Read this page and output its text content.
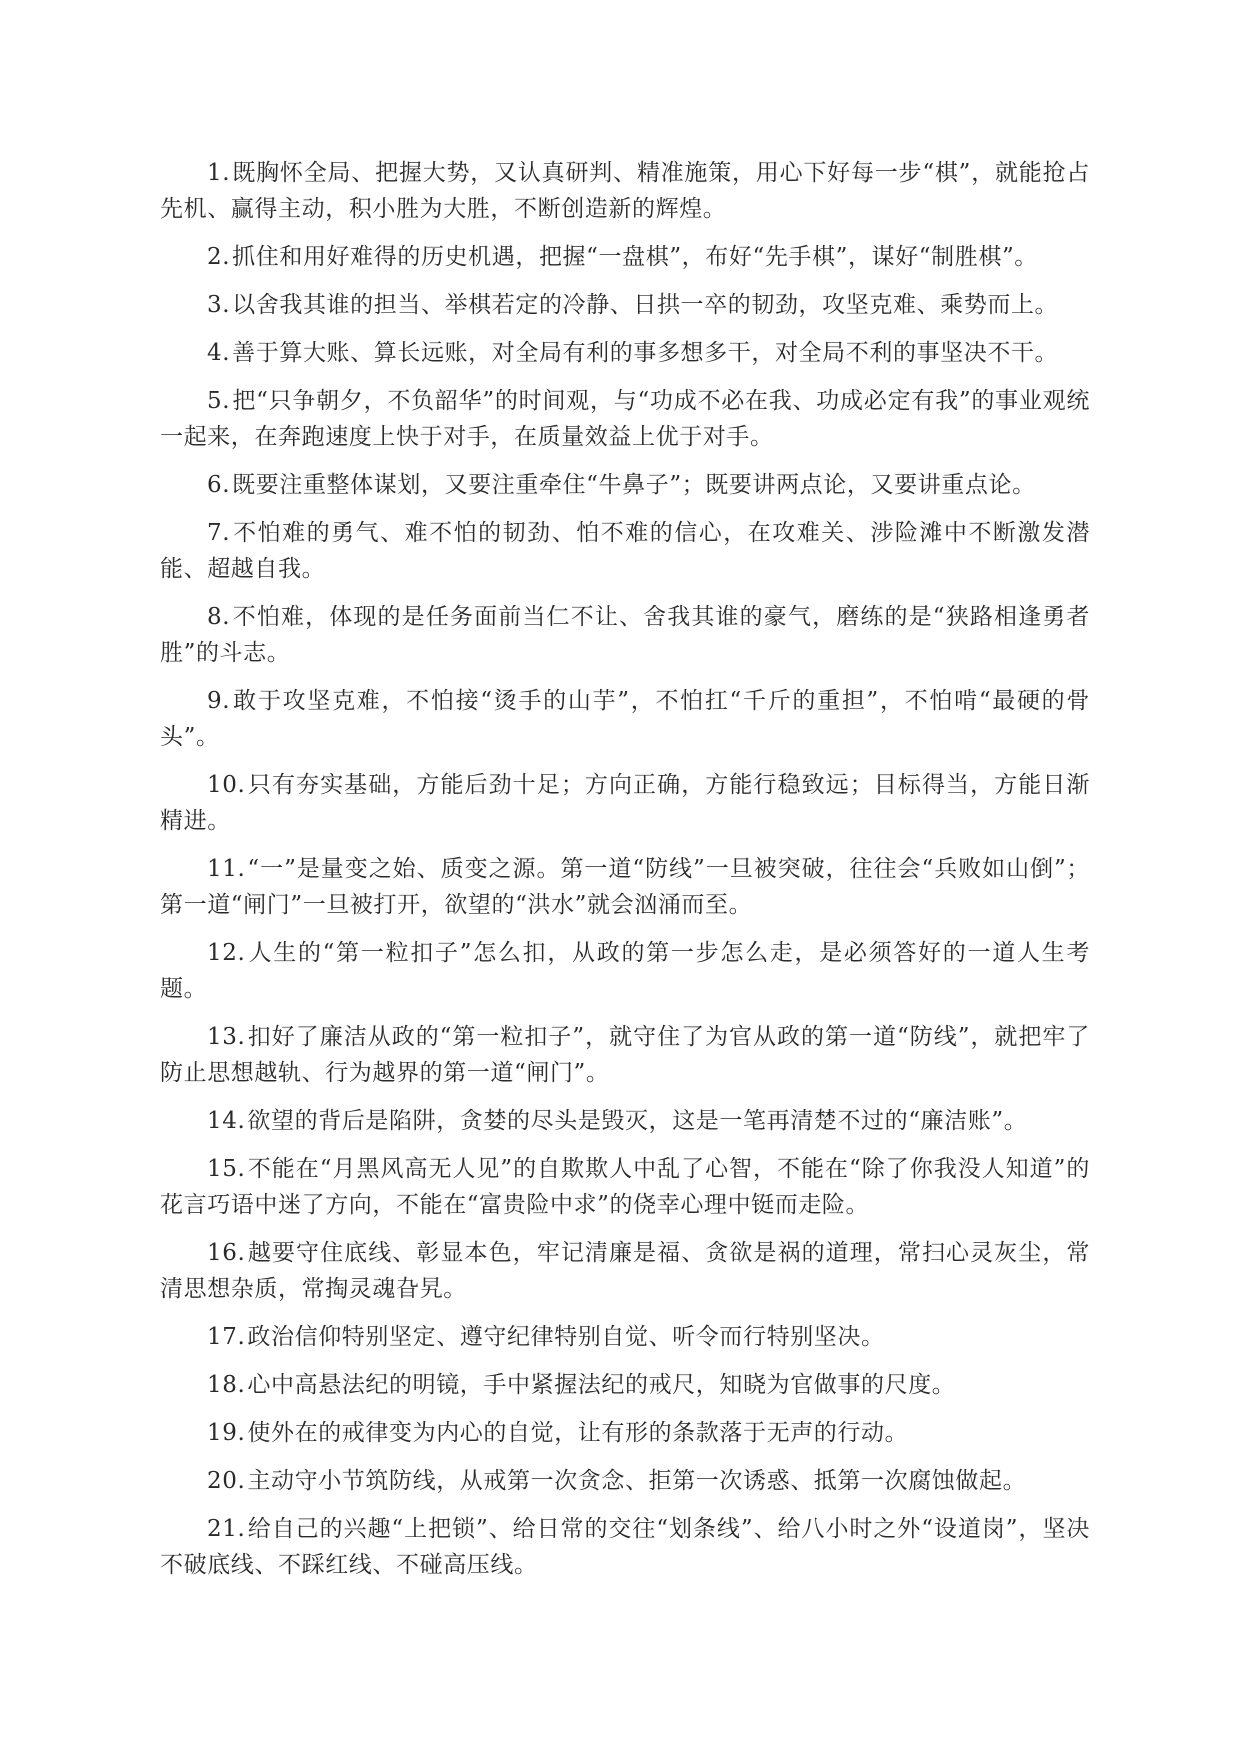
1.既胸怀全局、把握大势，又认真研判、精准施策，用心下好每一步“棋”，就能抢占先机、赢得主动，积小胜为大胜，不断创造新的辉煌。

2.抓住和用好难得的历史机遇，把握“一盘棋”，布好“先手棋”，谋好“制胜棋”。

3.以舍我其谁的担当、举棋若定的冷静、日拱一卒的韧劲，攻坚克难、乘势而上。

4.善于算大账、算长远账，对全局有利的事多想多干，对全局不利的事坚决不干。

5.把“只争朝夕，不负韶华”的时间观，与“功成不必在我、功成必定有我”的事业观统一起来，在奔跑速度上快于对手，在质量效益上优于对手。

6.既要注重整体谋划，又要注重牵住“牛鼻子”；既要讲两点论，又要讲重点论。

7.不怕难的勇气、难不怕的韧劲、怕不难的信心，在攻难关、涉险滩中不断激发潜能、超越自我。

8.不怕难，体现的是任务面前当仁不让、舍我其谁的豪气，磨练的是“狭路相逢勇者胜”的斗志。

9.敢于攻坚克难，不怕接“烫手的山芋”，不怕扛“千斤的重担”，不怕啃“最硬的骨头”。

10.只有夯实基础，方能后劲十足；方向正确，方能行稳致远；目标得当，方能日渐精进。

11.“一”是量变之始、质变之源。第一道“防线”一旦被突破，往往会“兵败如山倒”；第一道“闸门”一旦被打开，欲望的“洪水”就会汹涌而至。

12.人生的“第一粒扣子”怎么扣，从政的第一步怎么走，是必须答好的一道人生考题。

13.扣好了廉洁从政的“第一粒扣子”，就守住了为官从政的第一道“防线”，就把牢了防止思想越轨、行为越界的第一道“闸门”。

14.欲望的背后是陷阱，贪婪的尽头是毁灭，这是一笔再清楚不过的“廉洁账”。

15.不能在“月黑风高无人见”的自欺欺人中乱了心智，不能在“除了你我没人知道”的花言巧语中迷了方向，不能在“富贵险中求”的侥幸心理中铤而走险。

16.越要守住底线、彰显本色，牢记清廉是福、贪欲是祸的道理，常扫心灵灰尘，常清思想杂质，常掏灵魂旮旯。

17.政治信仰特别坚定、遵守纪律特别自觉、听令而行特别坚决。

18.心中高悬法纪的明镜，手中紧握法纪的戒尺，知晓为官做事的尺度。

19.使外在的戒律变为内心的自觉，让有形的条款落于无声的行动。

20.主动守小节筑防线，从戒第一次贪念、拒第一次诱惑、抵第一次腐蚀做起。

21.给自己的兴趣“上把锁”、给日常的交往“划条线”、给八小时之外“设道岗”，坚决不破底线、不踩红线、不碰高压线。
